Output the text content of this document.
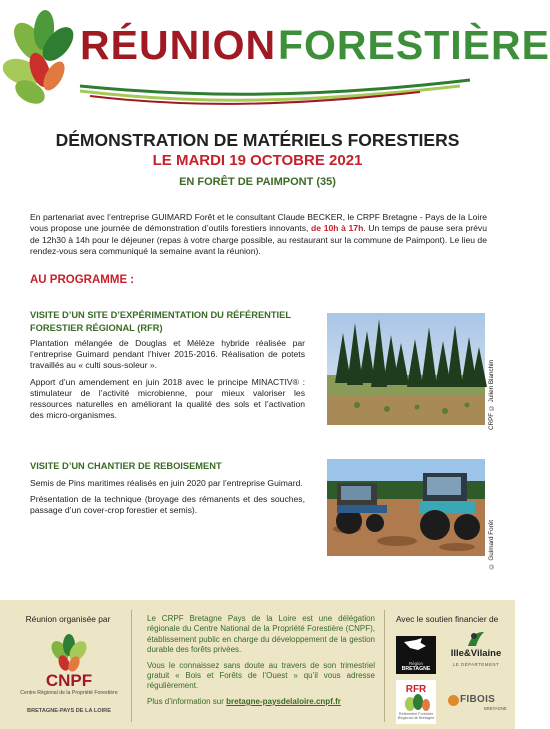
RÉUNION FORESTIÈRE
DÉMONSTRATION DE MATÉRIELS FORESTIERS
LE MARDI 19 OCTOBRE 2021
EN FORÊT DE PAIMPONT (35)
En partenariat avec l’entreprise GUIMARD Forêt et le consultant Claude BECKER, le CRPF Bretagne - Pays de la Loire vous propose une journée de démonstration d’outils forestiers innovants, de 10h à 17h. Un temps de pause sera prévu de 12h30 à 14h pour le déjeuner (repas à votre charge possible, au restaurant sur la commune de Paimpont). Le lieu de rendez-vous sera communiqué la semaine avant la réunion).
AU PROGRAMME :
VISITE D’UN SITE D’EXPÉRIMENTATION DU RÉFÉRENTIEL FORESTIER RÉGIONAL (RFR)

Plantation mélangée de Douglas et Mélèze hybride réalisée par l’entreprise Guimard pendant l’hiver 2015-2016. Réalisation de potets travaillés au « culti sous-soleur ».

Apport d’un amendement en juin 2018 avec le principe MINACTIV® : stimulateur de l’activité microbienne, pour mieux valoriser les ressources naturelles en améliorant la qualité des sols et l’activation des micro-organismes.	CRPF © Julien Blanchin
VISITE D’UN CHANTIER DE REBOISEMENT

Semis de Pins maritimes réalisés en juin 2020 par l’entreprise Guimard.

Présentation de la technique (broyage des rémanents et des souches, passage d’un cover-crop forestier et semis).

© Guimard Forêt
Réunion organisée par
CNPF
Centre Régional de la Propriété Forestière
BRETAGNE-PAYS DE LA LOIRE

Le CRPF Bretagne Pays de la Loire est une délégation régionale du Centre National de la Propriété Forestière (CNPF), établissement public en charge du développement de la gestion durable des forêts privées.

Vous le connaissez sans doute au travers de son trimestriel gratuit « Bois et Forêts de l’Ouest » qu’il vous adresse régulièrement.

Plus d’information sur bretagne-paysdelaloire.cnpf.fr

Avec le soutien financier de
Région
BRETAGNE
Ille&Vilaine
LE DÉPARTEMENT
RFR
Référentiel Forestier Régional de Bretagne
FIBOIS
BRETAGNE
